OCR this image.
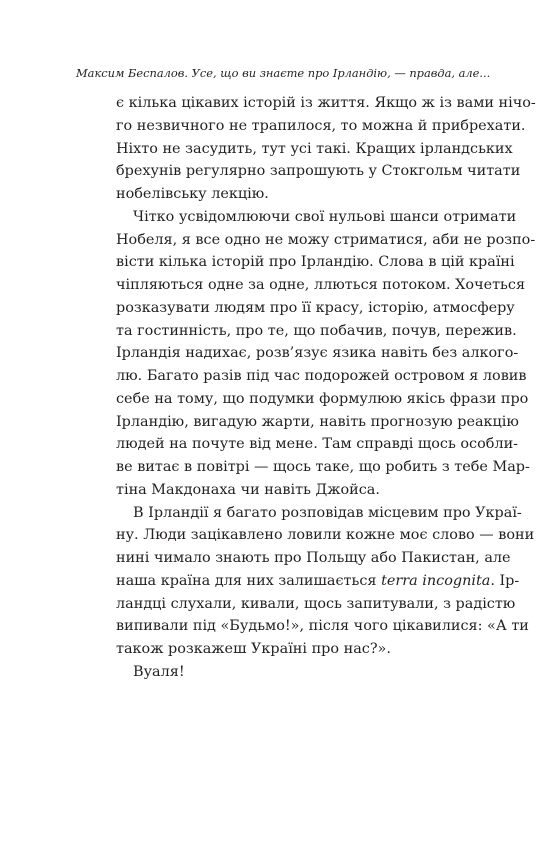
Максим Беспалов. Усе, що ви знаєте про Ірландію, — правда, але...
є кілька цікавих історій із життя. Якщо ж із вами нічо-
го незвичного не трапилося, то можна й прибрехати.
Ніхто не засудить, тут усі такі. Кращих ірландських
брехунів регулярно запрошують у Стокгольм читати
нобелівську лекцію.
Чітко усвідомлюючи свої нульові шанси отримати
Нобеля, я все одно не можу стриматися, аби не розпо-
вісти кілька історій про Ірландію. Слова в цій країні
чіпляються одне за одне, ллються потоком. Хочеться
розказувати людям про її красу, історію, атмосферу
та гостинність, про те, що побачив, почув, пережив.
Ірландія надихає, розв’язує язика навіть без алкого-
лю. Багато разів під час подорожей островом я ловив
себе на тому, що подумки формулюю якісь фрази про
Ірландію, вигадую жарти, навіть прогнозую реакцію
людей на почуте від мене. Там справді щось особли-
ве витає в повітрі — щось таке, що робить з тебе Мар-
тіна Макдонаха чи навіть Джойса.
В Ірландії я багато розповідав місцевим про Украї-
ну. Люди зацікавлено ловили кожне моє слово — вони
нині чимало знають про Польщу або Пакистан, але
наша країна для них залишається terra incognita. Ір-
ландці слухали, кивали, щось запитували, з радістю
випивали під «Будьмо!», після чого цікавилися: «А ти
також розкажеш Україні про нас?».
Вуаля!
